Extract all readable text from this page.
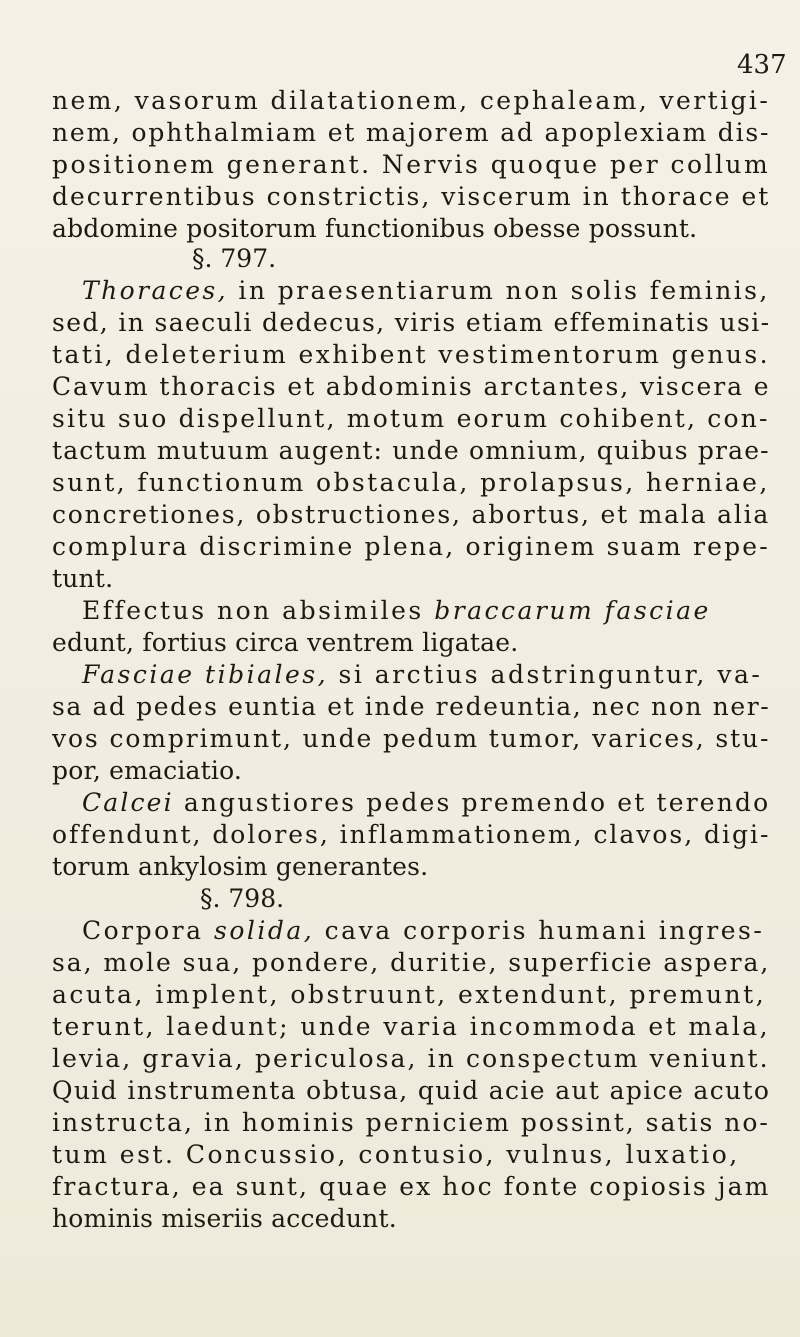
437
nem, vasorum dilatationem, cephaleam, vertigi-
nem, ophthalmiam et majorem ad apoplexiam dis-
positionem generant. Nervis quoque per collum
decurrentibus constrictis, viscerum in thorace et
abdomine positorum functionibus obesse possunt.
§. 797.
Thoraces, in praesentiarum non solis feminis,
sed, in saeculi dedecus, viris etiam effeminatis usi-
tati, deleterium exhibent vestimentorum genus.
Cavum thoracis et abdominis arctantes, viscera e
situ suo dispellunt, motum eorum cohibent, con-
tactum mutuum augent: unde omnium, quibus prae-
sunt, functionum obstacula, prolapsus, herniae,
concretiones, obstructiones, abortus, et mala alia
complura discrimine plena, originem suam repe-
tunt.
Effectus non absimiles braccarum fasciae
edunt, fortius circa ventrem ligatae.
Fasciae tibiales, si arctius adstringuntur, va-
sa ad pedes euntia et inde redeuntia, nec non ner-
vos comprimunt, unde pedum tumor, varices, stu-
por, emaciatio.
Calcei angustiores pedes premendo et terendo
offendunt, dolores, inflammationem, clavos, digi-
torum ankylosim generantes.
§. 798.
Corpora solida, cava corporis humani ingres-
sa, mole sua, pondere, duritie, superficie aspera,
acuta, implent, obstruunt, extendunt, premunt,
terunt, laedunt; unde varia incommoda et mala,
levia, gravia, periculosa, in conspectum veniunt.
Quid instrumenta obtusa, quid acie aut apice acuto
instructa, in hominis perniciem possint, satis no-
tum est. Concussio, contusio, vulnus, luxatio,
fractura, ea sunt, quae ex hoc fonte copiosis jam
hominis miseriis accedunt.
